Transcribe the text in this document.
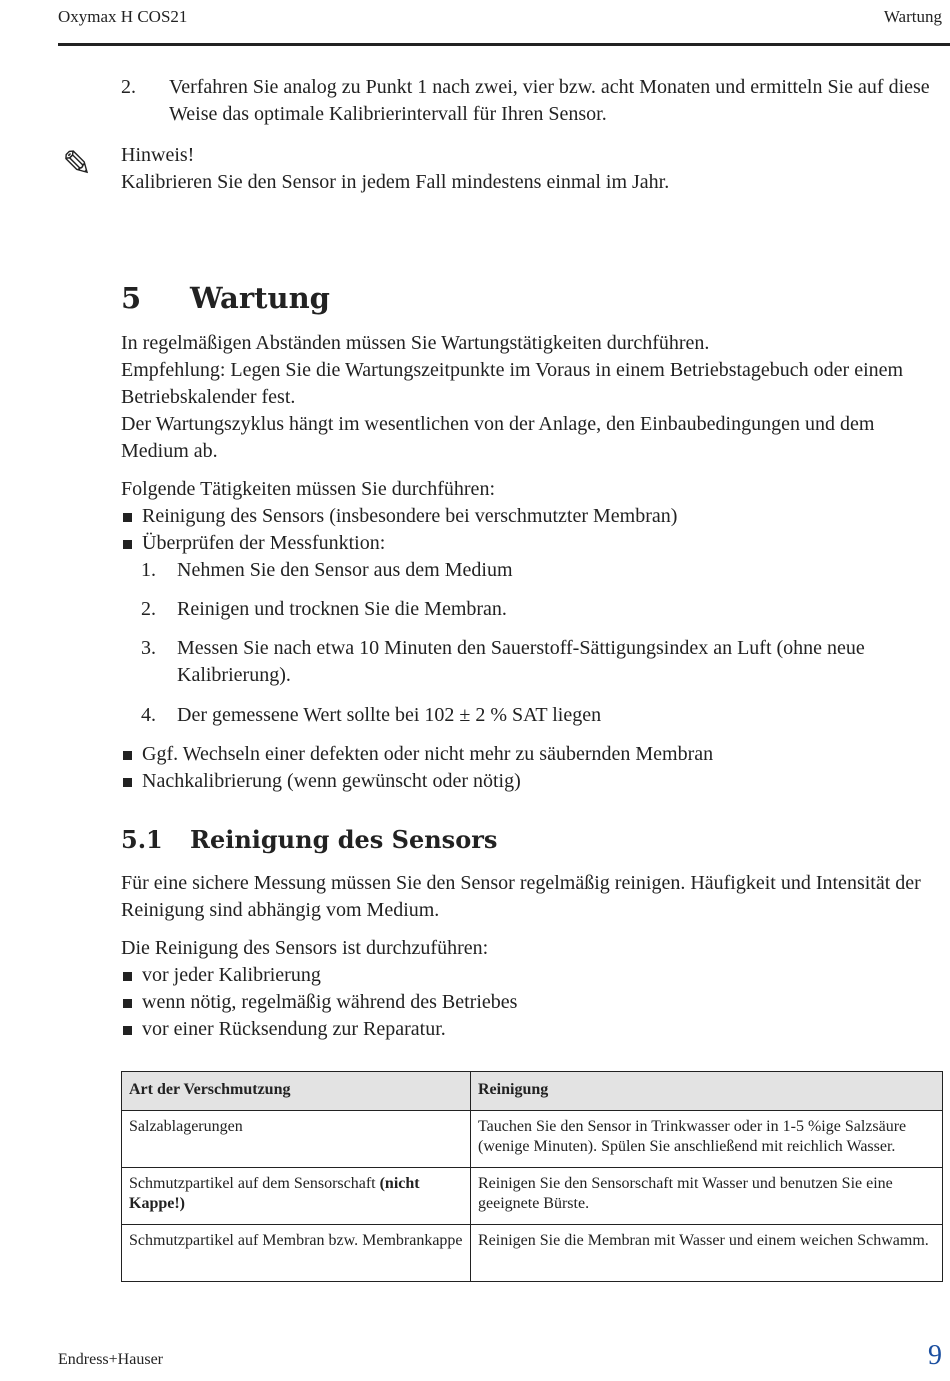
Oxymax H COS21	Wartung
2. Verfahren Sie analog zu Punkt 1 nach zwei, vier bzw. acht Monaten und ermitteln Sie auf diese Weise das optimale Kalibrierintervall für Ihren Sensor.
✎ Hinweis!
Kalibrieren Sie den Sensor in jedem Fall mindestens einmal im Jahr.
5 Wartung
In regelmäßigen Abständen müssen Sie Wartungstätigkeiten durchführen.
Empfehlung: Legen Sie die Wartungszeitpunkte im Voraus in einem Betriebstagebuch oder einem Betriebskalender fest.
Der Wartungszyklus hängt im wesentlichen von der Anlage, den Einbaubedingungen und dem Medium ab.
Folgende Tätigkeiten müssen Sie durchführen:
Reinigung des Sensors (insbesondere bei verschmutzter Membran)
Überprüfen der Messfunktion:
1. Nehmen Sie den Sensor aus dem Medium
2. Reinigen und trocknen Sie die Membran.
3. Messen Sie nach etwa 10 Minuten den Sauerstoff-Sättigungsindex an Luft (ohne neue Kalibrierung).
4. Der gemessene Wert sollte bei 102 ± 2 % SAT liegen
Ggf. Wechseln einer defekten oder nicht mehr zu säubernden Membran
Nachkalibrierung (wenn gewünscht oder nötig)
5.1 Reinigung des Sensors
Für eine sichere Messung müssen Sie den Sensor regelmäßig reinigen. Häufigkeit und Intensität der Reinigung sind abhängig vom Medium.
Die Reinigung des Sensors ist durchzuführen:
vor jeder Kalibrierung
wenn nötig, regelmäßig während des Betriebes
vor einer Rücksendung zur Reparatur.
Art der Verschmutzung	Reinigung
Salzablagerungen	Tauchen Sie den Sensor in Trinkwasser oder in 1-5 %ige Salzsäure (wenige Minuten). Spülen Sie anschließend mit reichlich Wasser.
Schmutzpartikel auf dem Sensorschaft (nicht Kappe!)	Reinigen Sie den Sensorschaft mit Wasser und benutzen Sie eine geeignete Bürste.
Schmutzpartikel auf Membran bzw. Membrankappe	Reinigen Sie die Membran mit Wasser und einem weichen Schwamm.
Endress+Hauser	9
